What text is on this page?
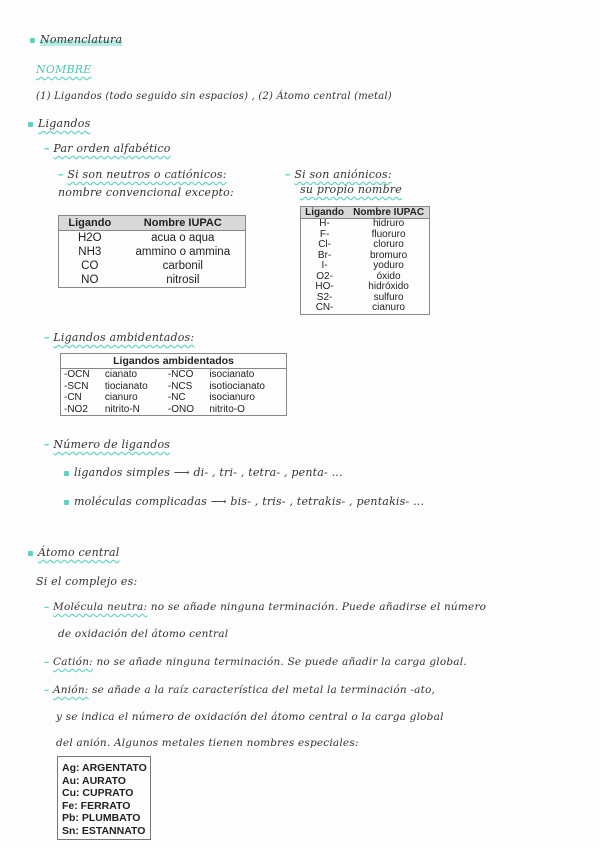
Nomenclatura
NOMBRE
(1) Ligandos (todo seguido sin espacios) , (2) Átomo central (metal)
Ligandos
– Par orden alfabético
– Si son neutros o catiónicos:
nombre convencional excepto:
Ligando	Nombre IUPAC
H2O	acua o aqua
NH3	ammino o ammina
CO	carbonil
NO	nitrosil
– Si son aniónicos:
su propio nombre
Ligando	Nombre IUPAC
H-	hidruro
F-	fluoruro
Cl-	cloruro
Br-	bromuro
I-	yoduro
O2-	óxido
HO-	hidróxido
S2-	sulfuro
CN-	cianuro
– Ligandos ambidentados:
Ligandos ambidentados			
-OCN	cianato	-NCO	isocianato
-SCN	tiocianato	-NCS	isotiocianato
-CN	cianuro	-NC	isocianuro
-NO2	nitrito-N	-ONO	nitrito-O
– Número de ligandos
ligandos simples ⟶ di- , tri- , tetra- , penta- ...
moléculas complicadas ⟶ bis- , tris- , tetrakis- , pentakis- ...
Átomo central
Si el complejo es:
– Molécula neutra: no se añade ninguna terminación. Puede añadirse el número
de oxidación del átomo central
– Catión: no se añade ninguna terminación. Se puede añadir la carga global.
– Anión: se añade a la raíz característica del metal la terminación -ato,
y se indica el número de oxidación del átomo central o la carga global
del anión. Algunos metales tienen nombres especiales:
Ag: ARGENTATO
Au: AURATO
Cu: CUPRATO
Fe: FERRATO
Pb: PLUMBATO
Sn: ESTANNATO
